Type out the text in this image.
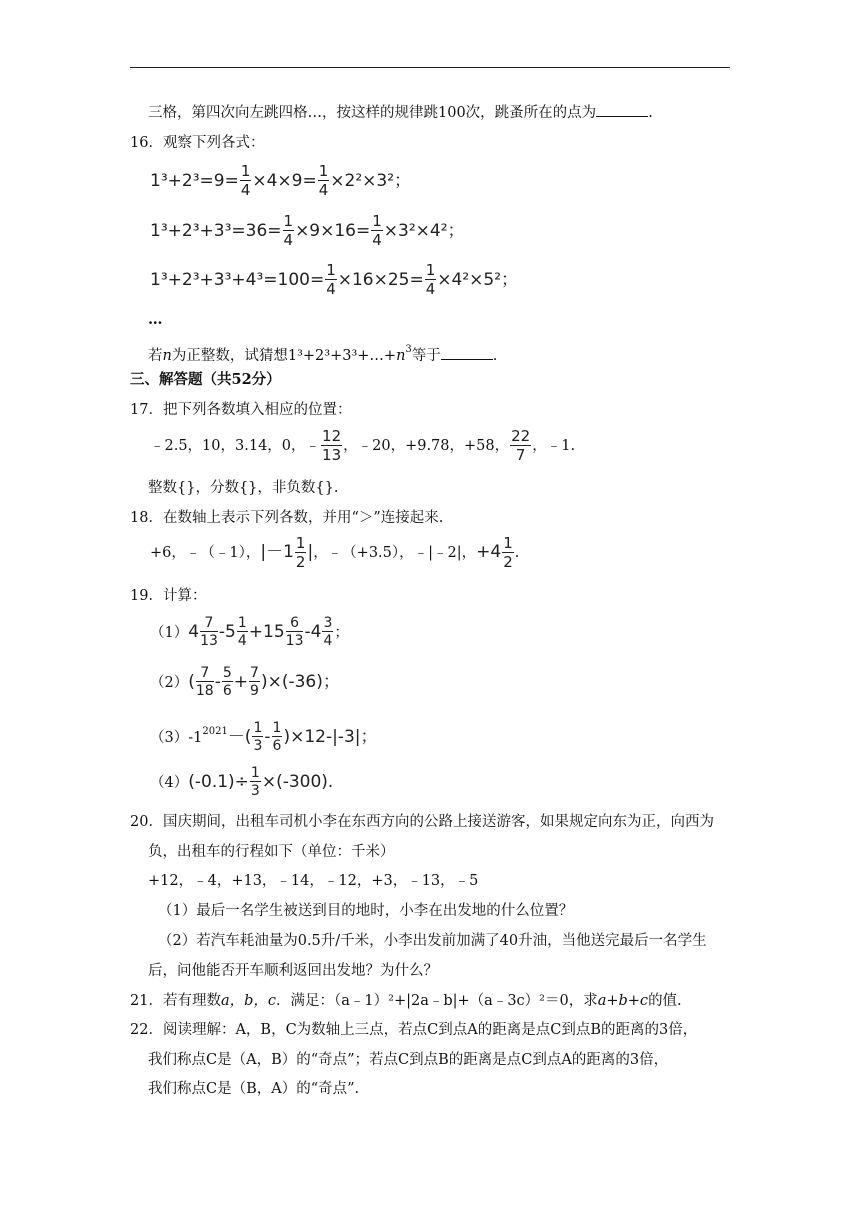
三格，第四次向左跳四格…，按这样的规律跳100次，跳蚤所在的点为	.
16．观察下列各式：
$1^3+2^3=9= \frac{1}{4} \times 4\times 9= \frac{1}{4} \times 2^2\times 3^2$；
$1^3+2^3+3^3=36= \frac{1}{4} \times 9\times 16= \frac{1}{4} \times 3^2\times 4^2$；
$1^3+2^3+3^3+4^3=100= \frac{1}{4} \times 16\times 25= \frac{1}{4} \times 4^2\times 5^2$；
…
若n为正整数，试猜想$1^3+2^3+3^3+\dots+n^3$等于	.
三、解答题（共52分）
17．把下列各数填入相应的位置：
﹣2.5，10，3.14，0，﹣ $\frac{12}{13}$ ，﹣20，+9.78，+58， $\frac{22}{7}$ ，﹣1.
整数{}，分数{}，非负数{}.
18．在数轴上表示下列各数，并用“＞”连接起来.
+6，﹣（﹣1），$|-1 \frac{1}{2}$ |，﹣（+3.5），﹣|﹣2|，$+4 \frac{1}{2}$ .
19．计算：
$(1)4 \frac{7}{13} -5 \frac{1}{4} +15 \frac{6}{13} -4 \frac{3}{4}$ ；
$(2)( \frac{7}{18} - \frac{5}{6} + \frac{7}{9} )\times(-36)$；
$(3)-1^{2021}-( \frac{1}{3} - \frac{1}{6} )\times 12-|-3|$；
$(4)(-0.1)\div \frac{1}{3} \times(-300)$.
20．国庆期间，出租车司机小李在东西方向的公路上接送游客，如果规定向东为正，向西为
负，出租车的行程如下（单位：千米）
+12，﹣4，+13，﹣14，﹣12，+3，﹣13，﹣5
（1）最后一名学生被送到目的地时，小李在出发地的什么位置？
（2）若汽车耗油量为0.5升/千米，小李出发前加满了40升油，当他送完最后一名学生
后，问他能否开车顺利返回出发地？为什么？
21．若有理数a，b，c．满足：（a﹣1）²+|2a﹣b|+（a﹣3c）²＝0，求a+b+c的值.
22．阅读理解：A，B，C为数轴上三点，若点C到点A的距离是点C到点B的距离的3倍，
我们称点C是（A，B）的“奇点”；若点C到点B的距离是点C到点A的距离的3倍，
我们称点C是（B，A）的“奇点”.
